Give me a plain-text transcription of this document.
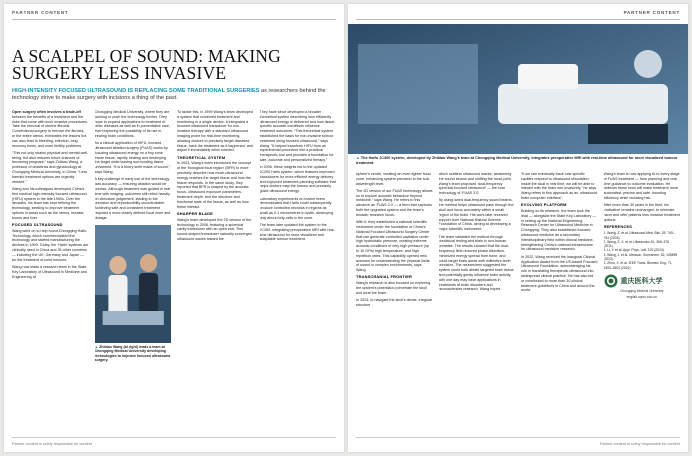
PARTNER CONTENT
A SCALPEL OF SOUND: MAKING SURGERY LESS INVASIVE
HIGH-INTENSITY FOCUSED ULTRASOUND IS REPLACING SOME TRADITIONAL SURGERIES as researchers behind the technology strive to make surgery with incisions a thing of the past.

Open surgery often involves a trade-off between the benefits of a treatment and the risks that come with such invasive procedures. Take the removal of uterine fibroids. Conventional surgery to remove the fibroids, or the entire uterus, eliminates the lesions but can also lead to bleeding, infection, long recovery times, and even fertility problems.

“This not only strains physical and mental well-being, but also reduces future chances of becoming pregnant,” says Zhibiao Wang, a professor of obstetrics and gynaecology at Chongqing Medical University, in China. “Less harmful treatment options are urgently needed.”

Wang and his colleagues developed China’s first medical high-intensity focused ultrasound (HIFU) system in the late 1990s. Over the decades, his team has kept refining the technology, seeking to improve treatment options in areas such as the uterus, breasts, bones and liver.

FOCUSED ULTRASOUND

Wang went on to help found Chongqing Haifu. Technology, which commercialized the technology and started manufacturing the devices in 1999. Today, the ‘Haifu’ systems are clinically used in China and 35 other countries — including the UK, Germany and Japan — for the treatment of solid tumours.

Wang now leads a research team in the State Key Laboratory of Ultrasound in Medicine and Engineering at

Chongqing Medical University, where they are working to push the technology further. They hope to expand applications to treatment of other diseases as well as in preventative care, even exploring the possibility of its use in treating brain conditions.

As a clinical application of HIFU, focused ultrasound ablation surgery (FUAS) works by focusing ultrasound energy on a tiny zone inside tissue, rapidly heating and destroying the target while leaving surrounding tissue unharmed. “It is a blurry knife made of sound,” says Wang.

A key challenge in early use of the technology was accuracy — ensuring ablation would be precise. Although treatment was guided in real time with imaging, outcomes still relied heavily on clinicians’ judgement, leading to the precision and reproducibility uncontrollable. Achieving safe and consistent treatment required a more clearly defined focal zone and dosage.

▲ Zhibiao Wang (at right) leads a team at Chongqing Medical University developing technologies to improve focused ultrasound surgery.

To tackle this, in 1999 Wang’s team developed a system that combined treatment and monitoring in a single device. It integrated a focused ultrasound transducer for non-invasive therapy with a standard ultrasound imaging probe for real-time monitoring, allowing doctors to precisely target diseased tissue, track the treatment as it happened, and adjust it immediately when needed.

THEORETICAL SYSTEM

In 2003, Wang’s team introduced the concept of the ‘biological focal region’ (BFR) to more precisely describe how much ultrasound energy reaches the target tissue and how the tissue responds. In the same study, they reported that BFR is shaped by the acoustic focus, ultrasound exposure parameters, treatment depth, and the structure and functional state of the tissue, as well as how these interact.

SHARPER BLADE

Wang’s team developed the 2D version of the technology in 2006, featuring a spherical cavity transducer with an open end. This sound-shaped transducer naturally converges ultrasound waves toward the

They have since developed a broader theoretical system describing how efficiently ultrasound energy is delivered and how tissue-specific acoustic conditions influence treatment outcomes. “This theoretical system established the basis for non-invasive tumour treatment using focused ultrasound,” says Wang. “It helped transform HIFU from an experimental procedure into a practical therapeutic tool and provides a foundation for safe, accurate and personalized therapy.”

In 2006, these insights led to the updated JC200 Haifu system, which features improved transducers for more efficient energy delivery and improved treatment-planning software that helps doctors map the tumour and precisely guide ultrasound energy.

Laboratory experiments on bovine livers demonstrated that Haifu could subsequently produce controlled necrosis in regions as small as 0.1 micrometres in width, destroying only about forty cells in the zone.

The team later updated the system to the JC300, integrating preoperative MRI with real-time ultrasound for more visualized and adaptable tumour treatment.

Partner content is solely responsible for content
PARTNER CONTENT
▲ The Haifu JC300 system, developed by Zhibiao Wang’s team at Chongqing Medical University, integrates preoperative MRI with real-time ultrasound for more visualized tumour treatment.

sphere’s centre, creating an even tighter focal zone, enhancing system precision to the sub-wavelength level.

The 2D version of our FUAS technology allows us to explore acoustic behaviour beyond medicine,” says Wang. He refers to this advance as ‘FUAS 2.0’ — a term that captures both the upgraded system and the team’s broader research focus.

With it, they established a national scientific instrument under the foundation of China’s National Focused Ultrasound Surgery Center that can generate controlled cavitation under high hydrostatic pressure, creating extreme acoustic conditions of very high pressure (up to 10 GPa) high temperature, and high repetition rates. This capability opened new avenues for understanding the physical limits of sound in complex environments, says Wang.

TRANSCRANIAL FRONTIER

Wang’s research is also focused on exploring the system’s potential to penetrate the skull and treat the brain.

In 2024, to navigate the skull’s dense, irregular structure

which scatters ultrasound waves, weakening the sound beams and shifting the focal point, Wang’s team proposed ‘dual-frequency spherical focused ultrasound’ — the core technology of ‘FUAS 3.0’.

By using tuned dual-frequency sound beams, the method helps ultrasound pass through the skull and focus accurately within a small region of the brain. His work later received support from National Natural Science Foundation of China, aiming at developing a major scientific instrument.

The team validated the method through preclinical testing and trials in non-human primates. The results showed that the dual-frequency field reduced phase distortion, minimized energy spread from bone, and could target brain areas with millimetre-level precision. The researchers suggested the system could both ablate targeted brain tissue and potentially gently influence brain activity, with one day may have applications in treatments of brain disorders and neurosciences research, Wang hopes.

“If we can eventually track how specific cavities respond to ultrasound stimulation inside the skull in real time, we will be able to interact with the brain non-invasively,” he says. Wang refers to this approach as an ‘ultrasound brain-computer interface’.

EVOLVING PLATFORM

Building on its research, the team took the lead — alongside the State Key Laboratory — in setting up the National Engineering Research Center for Ultrasound Medicine in Chongqing. They also established focused ultrasound medicine as a secondary interdisciplinary field within clinical medicine, strengthening China’s national infrastructure for ultrasound medicine research.

In 2022, Wang received the inaugural Clinical Application Award from the US-based Focused Ultrasound Foundation, acknowledging his role in translating therapeutic ultrasound into widespread clinical practice. He has also led or contributed to more than 30 clinical treatment guidelines in China and around the world.

Wang’s team is now applying AI to every stage of FUAS treatment — from planning and real-time guidance to outcome evaluation. He believes these tools will make treatment more automated, precise and safe, boosting efficiency while reducing risk.

After more than 30 years in the field, his motivation remains unchanged: to minimize harm and offer patients less invasive treatment options.

REFERENCES
1. Wang, Z. et al. Ultrasound Med. Biol. 29, 749–754 (2003).
2. Wang, Z. X. et al. Ultrasonics 51, 369–375 (2011).
3. Li, Y. et al. Appl. Phys. Lett. 102 (2013).
4. Wang, J. et al. Ultrason. Sonochem. 82, 105899 (2022).
5. Zhou, X. et al. IEEE Trans. Biomed. Eng. 71, 3493–3503 (2024).
重庆医科大学
Chongqing Medical University
english.cqmu.edu.cn
Partner content is solely responsible for content
